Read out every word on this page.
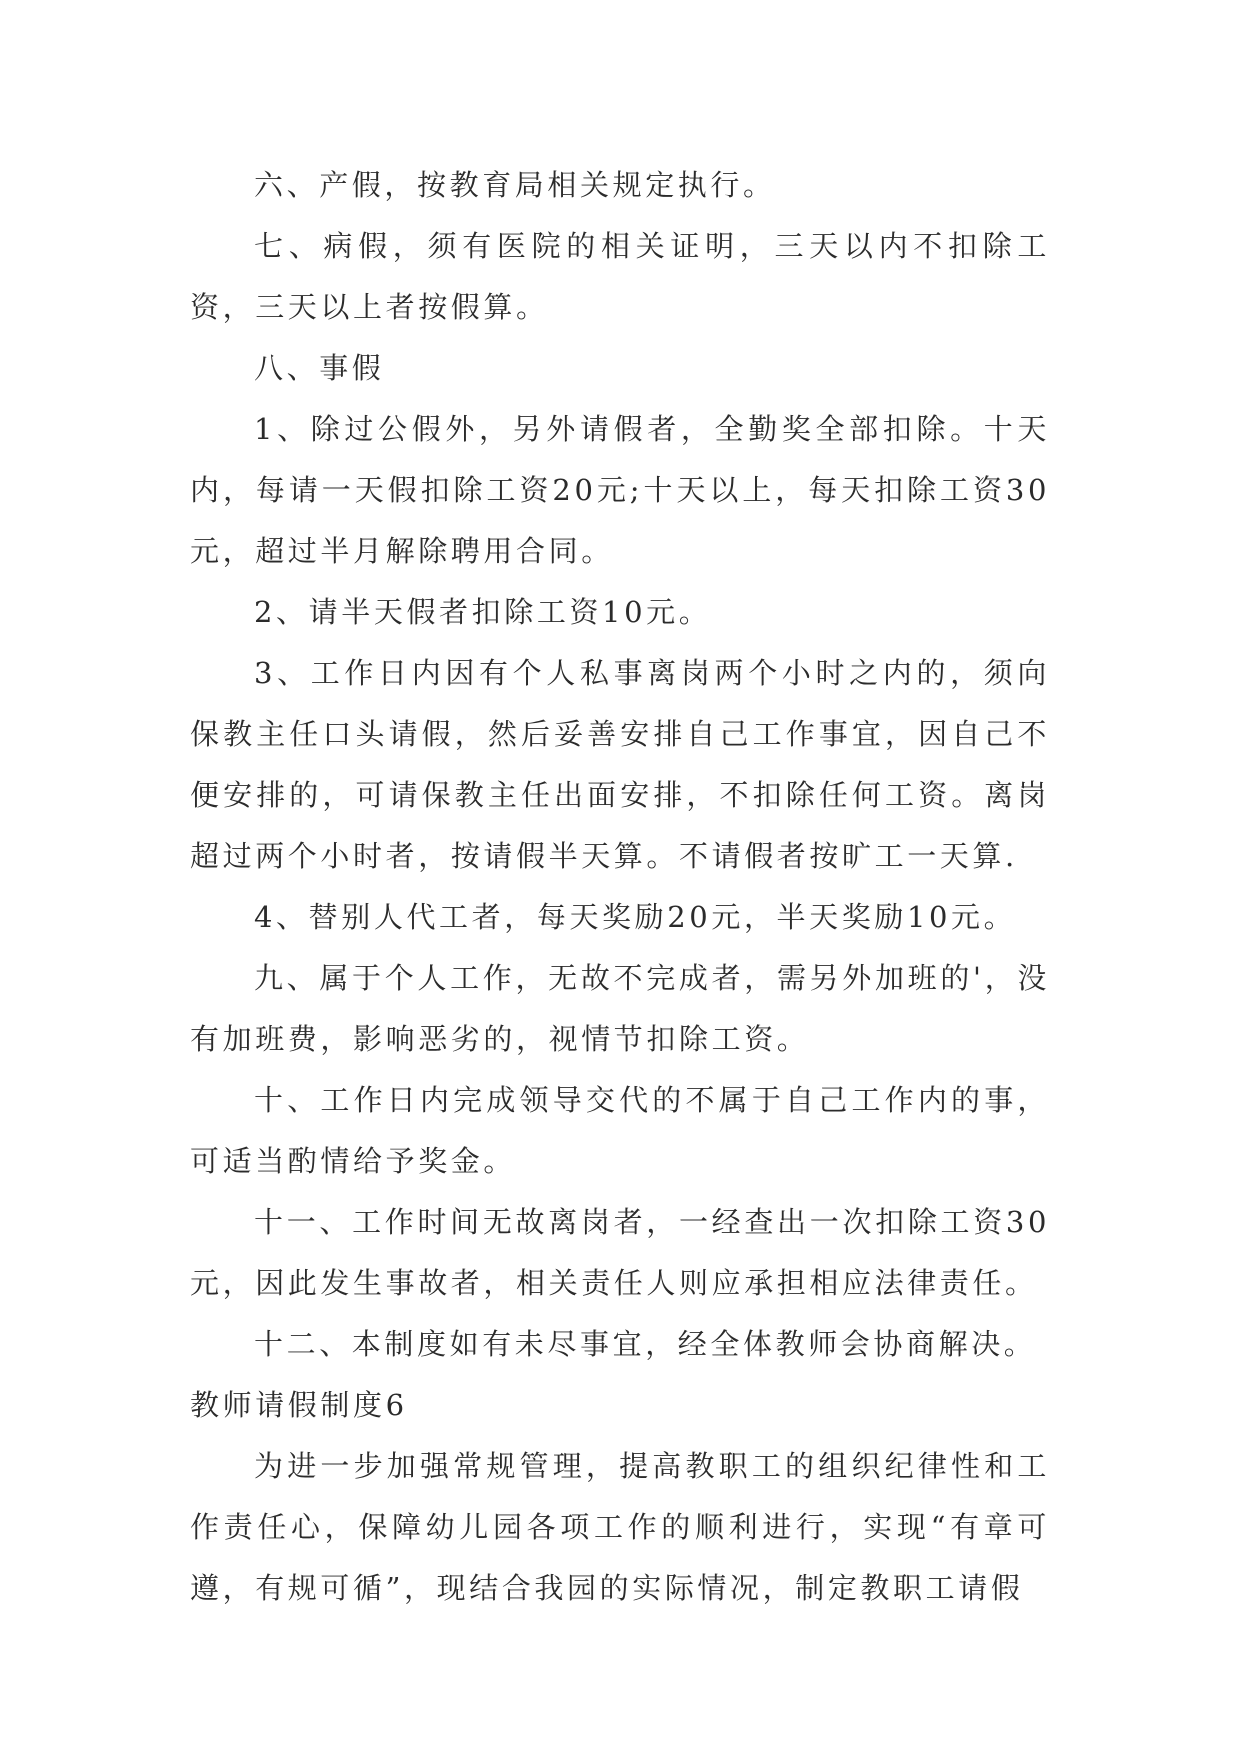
六、产假，按教育局相关规定执行。

七、病假，须有医院的相关证明，三天以内不扣除工资，三天以上者按假算。

八、事假

1、除过公假外，另外请假者，全勤奖全部扣除。十天内，每请一天假扣除工资20元;十天以上，每天扣除工资30元，超过半月解除聘用合同。

2、请半天假者扣除工资10元。

3、工作日内因有个人私事离岗两个小时之内的，须向保教主任口头请假，然后妥善安排自己工作事宜，因自己不便安排的，可请保教主任出面安排，不扣除任何工资。离岗超过两个小时者，按请假半天算。不请假者按旷工一天算.

4、替别人代工者，每天奖励20元，半天奖励10元。

九、属于个人工作，无故不完成者，需另外加班的'，没有加班费，影响恶劣的，视情节扣除工资。

十、工作日内完成领导交代的不属于自己工作内的事，可适当酌情给予奖金。

十一、工作时间无故离岗者，一经查出一次扣除工资30元，因此发生事故者，相关责任人则应承担相应法律责任。

十二、本制度如有未尽事宜，经全体教师会协商解决。

教师请假制度6

为进一步加强常规管理，提高教职工的组织纪律性和工作责任心，保障幼儿园各项工作的顺利进行，实现“有章可遵，有规可循”，现结合我园的实际情况，制定教职工请假
